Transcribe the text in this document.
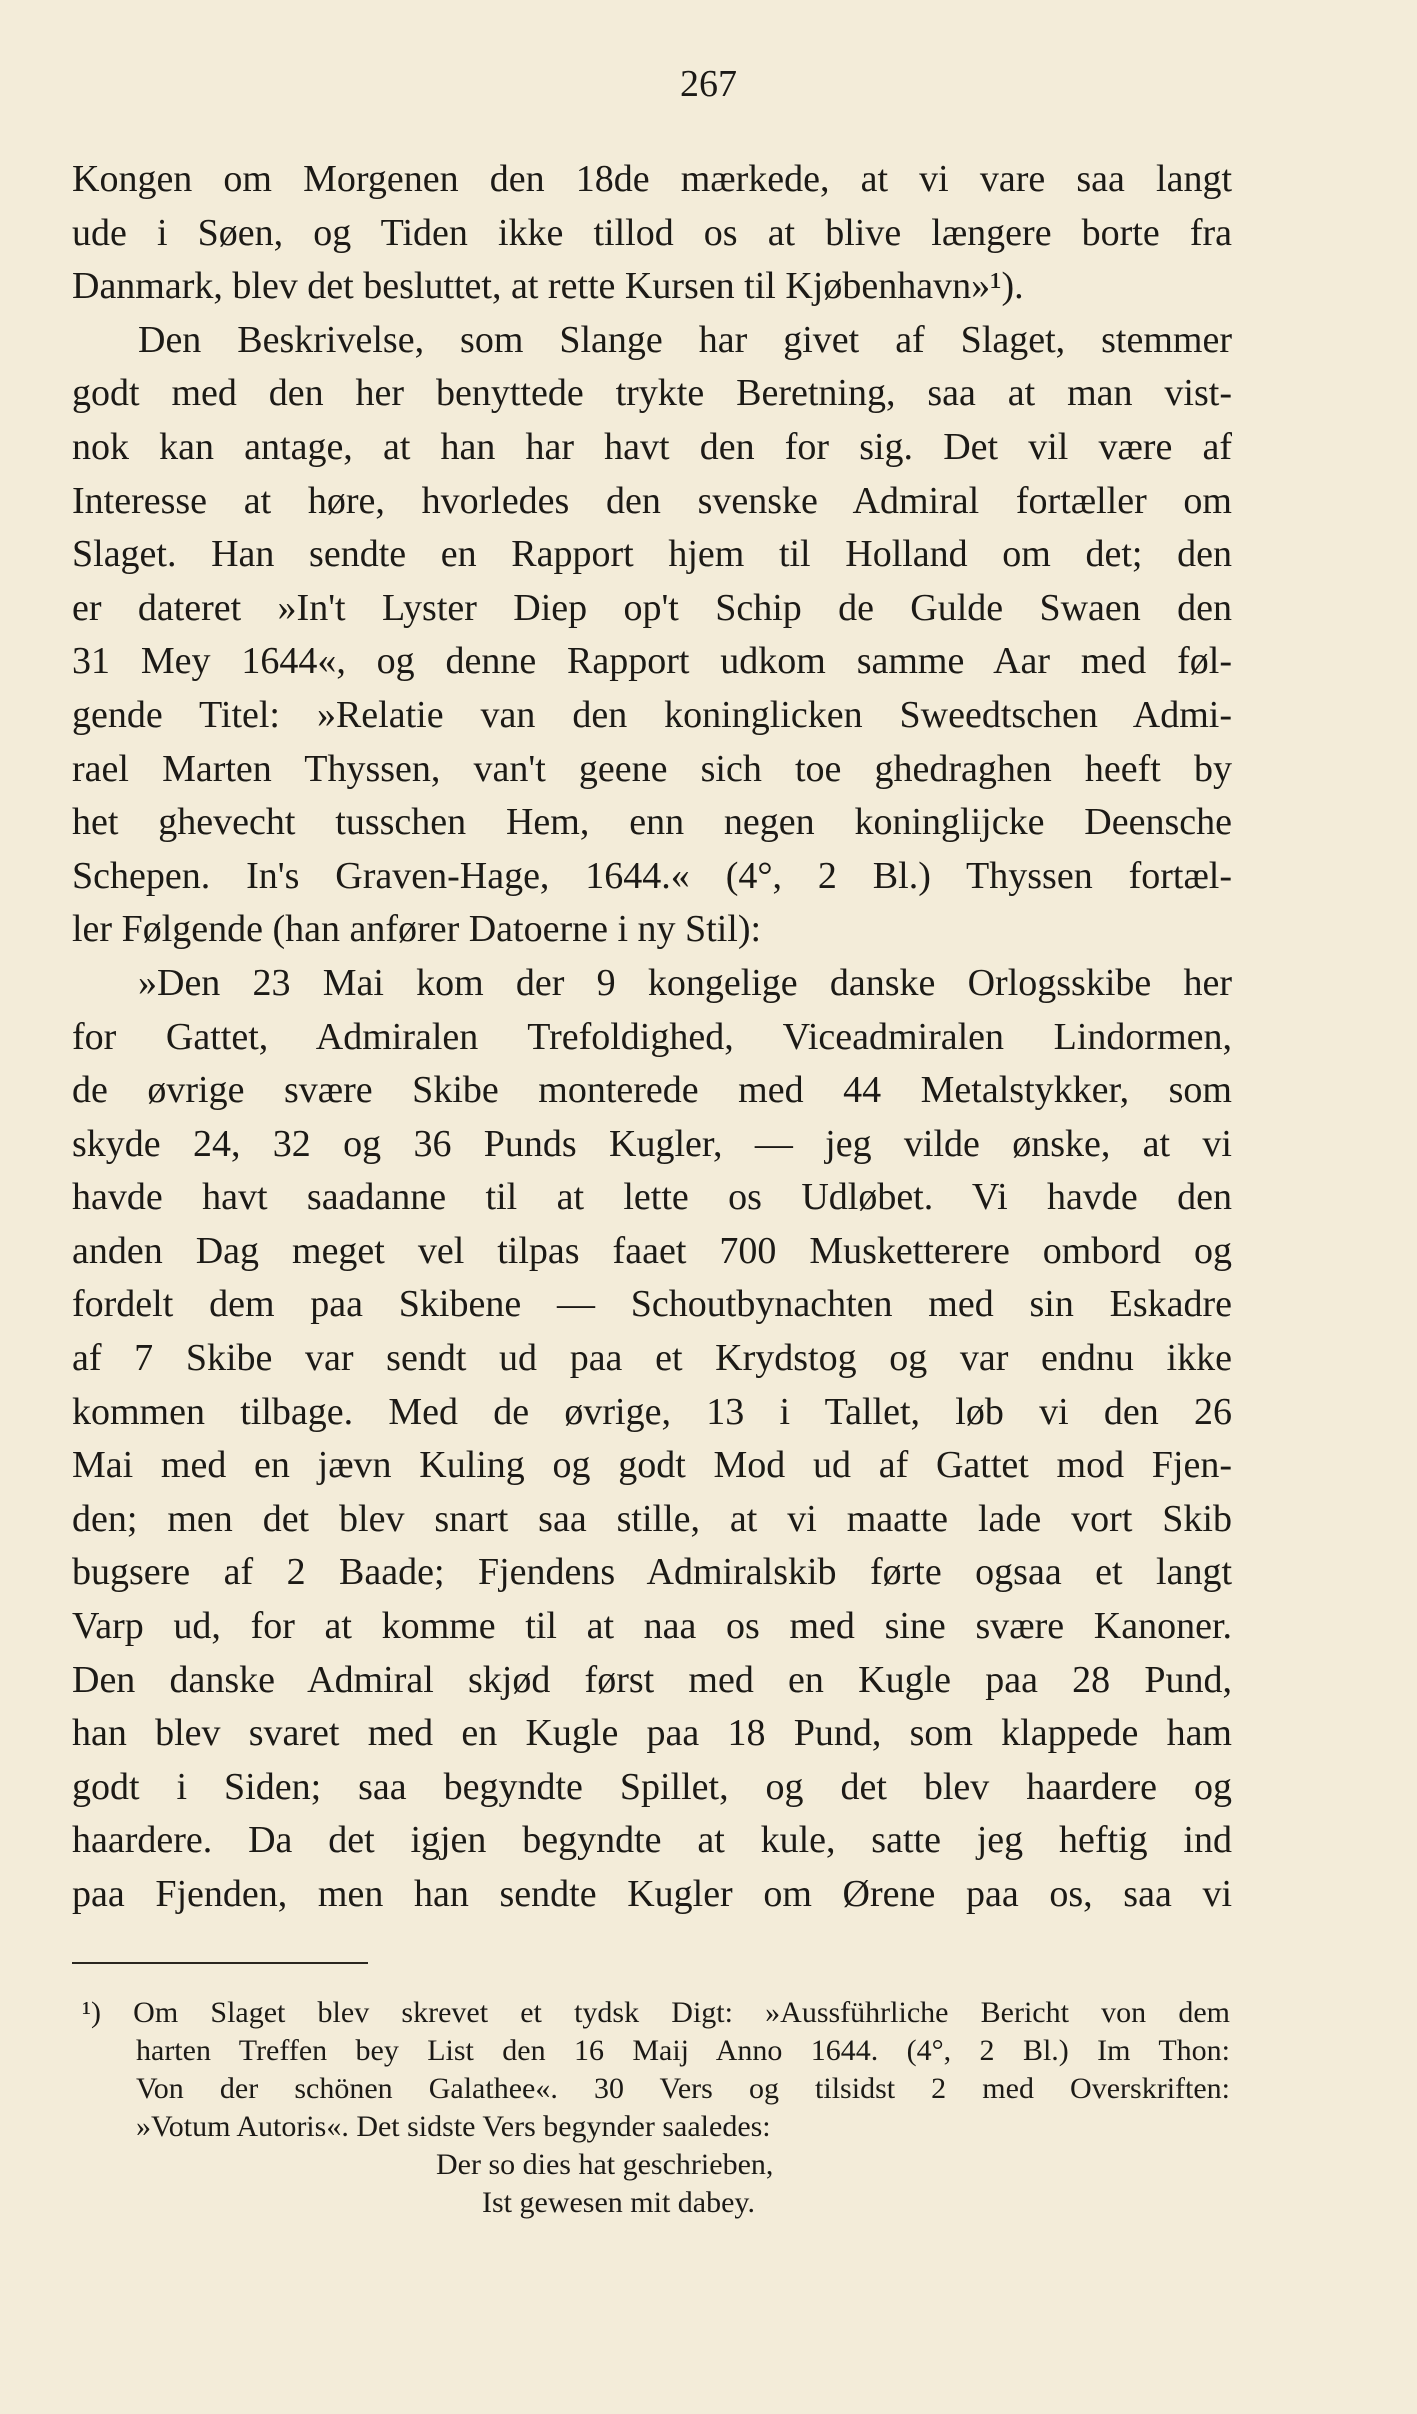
267
Kongen om Morgenen den 18de mærkede, at vi vare saa langt
ude i Søen, og Tiden ikke tillod os at blive længere borte fra
Danmark, blev det besluttet, at rette Kursen til Kjøbenhavn»¹).
Den Beskrivelse, som Slange har givet af Slaget, stemmer
godt med den her benyttede trykte Beretning, saa at man vist-
nok kan antage, at han har havt den for sig. Det vil være af
Interesse at høre, hvorledes den svenske Admiral fortæller om
Slaget. Han sendte en Rapport hjem til Holland om det; den
er dateret »In't Lyster Diep op't Schip de Gulde Swaen den
31 Mey 1644«, og denne Rapport udkom samme Aar med føl-
gende Titel: »Relatie van den koninglicken Sweedtschen Admi-
rael Marten Thyssen, van't geene sich toe ghedraghen heeft by
het ghevecht tusschen Hem, enn negen koninglijcke Deensche
Schepen. In's Graven-Hage, 1644.« (4°, 2 Bl.) Thyssen fortæl-
ler Følgende (han anfører Datoerne i ny Stil):
»Den 23 Mai kom der 9 kongelige danske Orlogsskibe her
for Gattet, Admiralen Trefoldighed, Viceadmiralen Lindormen,
de øvrige svære Skibe monterede med 44 Metalstykker, som
skyde 24, 32 og 36 Punds Kugler, — jeg vilde ønske, at vi
havde havt saadanne til at lette os Udløbet. Vi havde den
anden Dag meget vel tilpas faaet 700 Musketterere ombord og
fordelt dem paa Skibene — Schoutbynachten med sin Eskadre
af 7 Skibe var sendt ud paa et Krydstog og var endnu ikke
kommen tilbage. Med de øvrige, 13 i Tallet, løb vi den 26
Mai med en jævn Kuling og godt Mod ud af Gattet mod Fjen-
den; men det blev snart saa stille, at vi maatte lade vort Skib
bugsere af 2 Baade; Fjendens Admiralskib førte ogsaa et langt
Varp ud, for at komme til at naa os med sine svære Kanoner.
Den danske Admiral skjød først med en Kugle paa 28 Pund,
han blev svaret med en Kugle paa 18 Pund, som klappede ham
godt i Siden; saa begyndte Spillet, og det blev haardere og
haardere. Da det igjen begyndte at kule, satte jeg heftig ind
paa Fjenden, men han sendte Kugler om Ørene paa os, saa vi
¹) Om Slaget blev skrevet et tydsk Digt: »Aussführliche Bericht von dem
harten Treffen bey List den 16 Maij Anno 1644. (4°, 2 Bl.) Im Thon:
Von der schönen Galathee«. 30 Vers og tilsidst 2 med Overskriften:
»Votum Autoris«. Det sidste Vers begynder saaledes:
Der so dies hat geschrieben,
Ist gewesen mit dabey.
